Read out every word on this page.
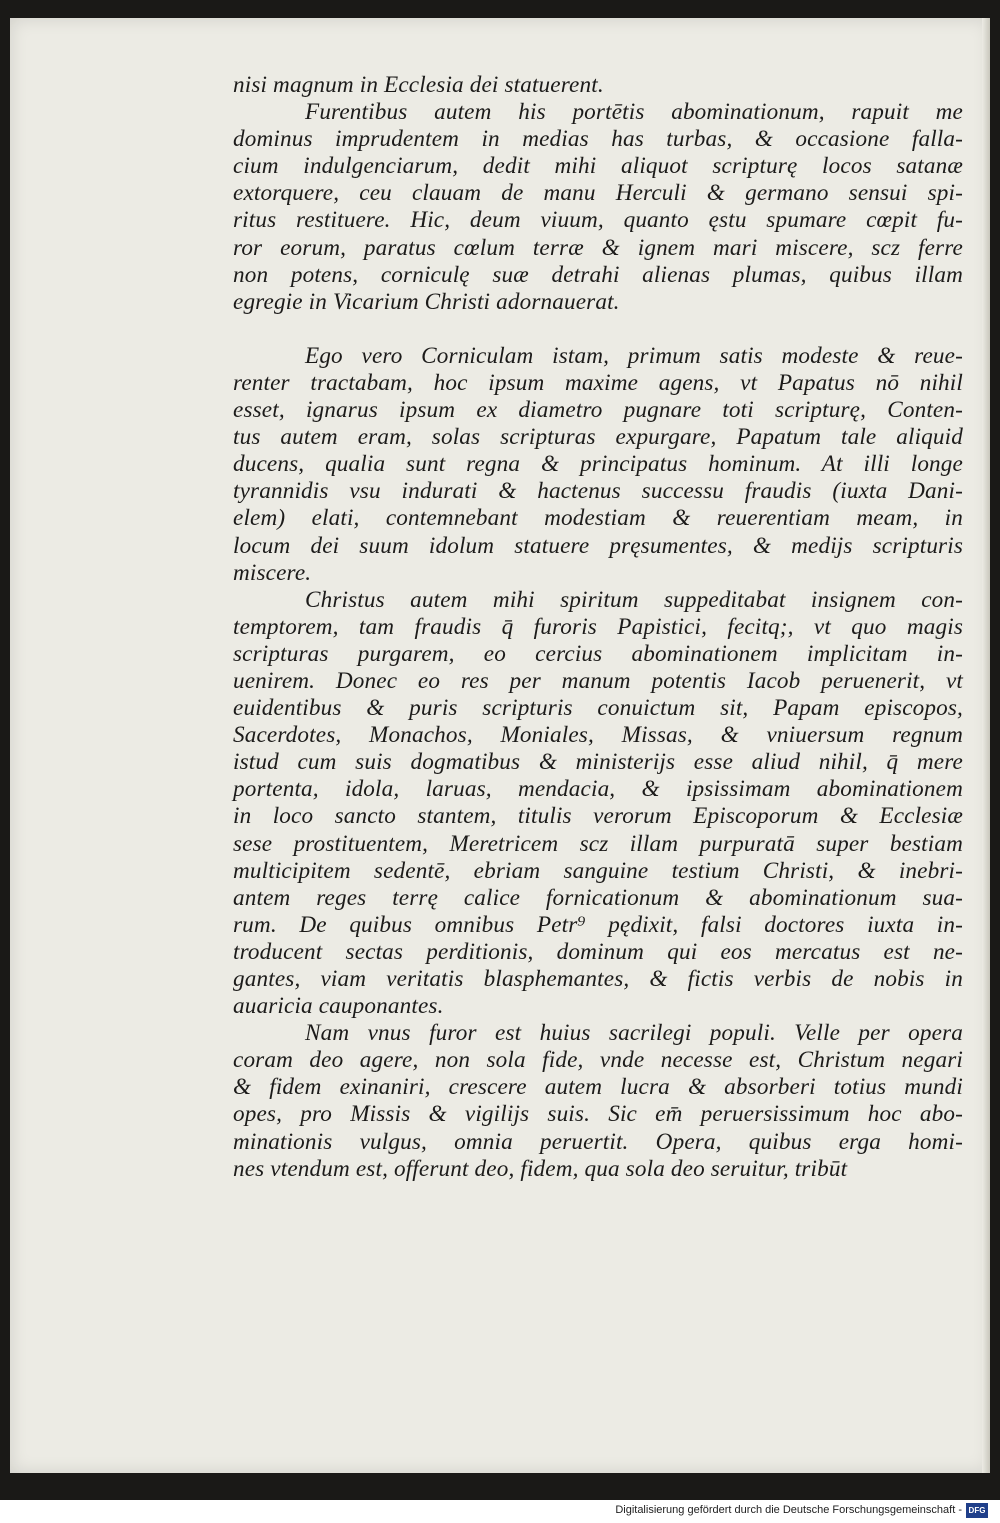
nisi magnum in Ecclesia dei statuerent.
Furentibus autem his portētis abominationum, rapuit me
dominus imprudentem in medias has turbas, & occasione falla-
cium indulgenciarum, dedit mihi aliquot scripturę locos satanæ
extorquere, ceu clauam de manu Herculi & germano sensui spi-
ritus restituere. Hic, deum viuum, quanto ęstu spumare cœpit fu-
ror eorum, paratus cœlum terræ & ignem mari miscere, scz ferre
non potens, corniculę suæ detrahi alienas plumas, quibus illam
egregie in Vicarium Christi adornauerat.
Ego vero Corniculam istam, primum satis modeste & reue-
renter tractabam, hoc ipsum maxime agens, vt Papatus nō nihil
esset, ignarus ipsum ex diametro pugnare toti scripturę, Conten-
tus autem eram, solas scripturas expurgare, Papatum tale aliquid
ducens, qualia sunt regna & principatus hominum. At illi longe
tyrannidis vsu indurati & hactenus successu fraudis (iuxta Dani-
elem) elati, contemnebant modestiam & reuerentiam meam, in
locum dei suum idolum statuere pręsumentes, & medijs scripturis
miscere.
Christus autem mihi spiritum suppeditabat insignem con-
temptorem, tam fraudis q̄ furoris Papistici, fecitq;, vt quo magis
scripturas purgarem, eo cercius abominationem implicitam in-
uenirem. Donec eo res per manum potentis Iacob peruenerit, vt
euidentibus & puris scripturis conuictum sit, Papam episcopos,
Sacerdotes, Monachos, Moniales, Missas, & vniuersum regnum
istud cum suis dogmatibus & ministerijs esse aliud nihil, q̄ mere
portenta, idola, laruas, mendacia, & ipsissimam abominationem
in loco sancto stantem, titulis verorum Episcoporum & Ecclesiæ
sese prostituentem, Meretricem scz illam purpuratā super bestiam
multicipitem sedentē, ebriam sanguine testium Christi, & inebri-
antem reges terrę calice fornicationum & abominationum sua-
rum. De quibus omnibus Petr⁹ pędixit, falsi doctores iuxta in-
troducent sectas perditionis, dominum qui eos mercatus est ne-
gantes, viam veritatis blasphemantes, & fictis verbis de nobis in
auaricia cauponantes.
Nam vnus furor est huius sacrilegi populi. Velle per opera
coram deo agere, non sola fide, vnde necesse est, Christum negari
& fidem exinaniri, crescere autem lucra & absorberi totius mundi
opes, pro Missis & vigilijs suis. Sic em̄ peruersissimum hoc abo-
minationis vulgus, omnia peruertit. Opera, quibus erga homi-
nes vtendum est, offerunt deo, fidem, qua sola deo seruitur, tribūt
Digitalisierung gefördert durch die Deutsche Forschungsgemeinschaft - DFG
